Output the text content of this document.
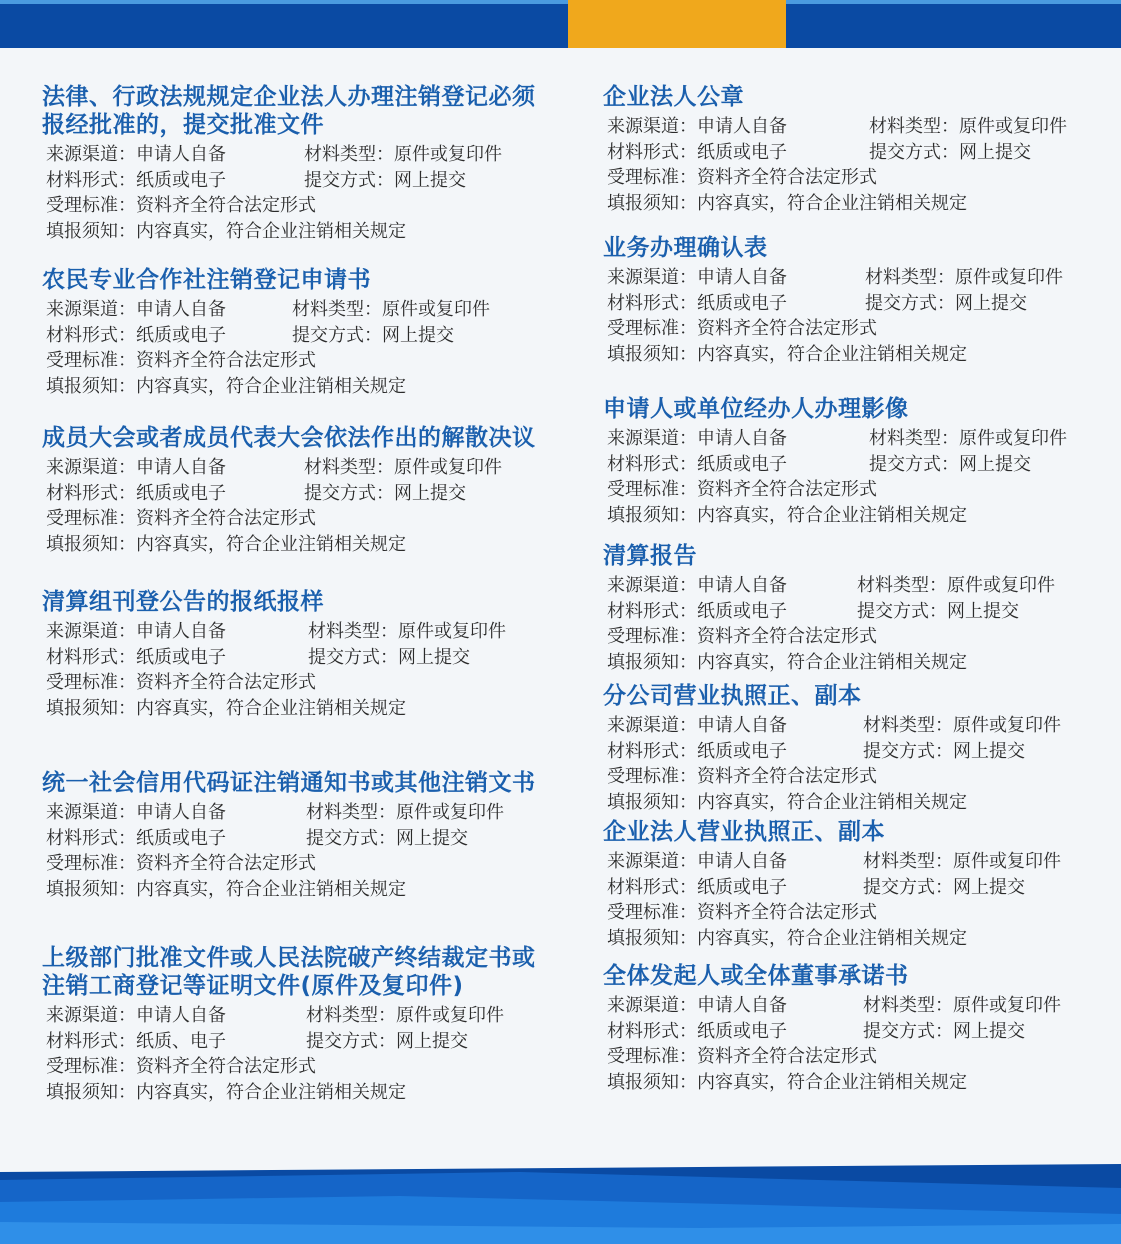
法律、行政法规规定企业法人办理注销登记必须
报经批准的，提交批准文件
来源渠道：申请人自备	材料类型：原件或复印件
材料形式：纸质或电子	提交方式：网上提交
受理标准：资料齐全符合法定形式
填报须知：内容真实，符合企业注销相关规定
农民专业合作社注销登记申请书
来源渠道：申请人自备	材料类型：原件或复印件
材料形式：纸质或电子	提交方式：网上提交
受理标准：资料齐全符合法定形式
填报须知：内容真实，符合企业注销相关规定
成员大会或者成员代表大会依法作出的解散决议
来源渠道：申请人自备	材料类型：原件或复印件
材料形式：纸质或电子	提交方式：网上提交
受理标准：资料齐全符合法定形式
填报须知：内容真实，符合企业注销相关规定
清算组刊登公告的报纸报样
来源渠道：申请人自备	材料类型：原件或复印件
材料形式：纸质或电子	提交方式：网上提交
受理标准：资料齐全符合法定形式
填报须知：内容真实，符合企业注销相关规定
统一社会信用代码证注销通知书或其他注销文书
来源渠道：申请人自备	材料类型：原件或复印件
材料形式：纸质或电子	提交方式：网上提交
受理标准：资料齐全符合法定形式
填报须知：内容真实，符合企业注销相关规定
上级部门批准文件或人民法院破产终结裁定书或
注销工商登记等证明文件(原件及复印件)
来源渠道：申请人自备	材料类型：原件或复印件
材料形式：纸质、电子	提交方式：网上提交
受理标准：资料齐全符合法定形式
填报须知：内容真实，符合企业注销相关规定
企业法人公章
来源渠道：申请人自备	材料类型：原件或复印件
材料形式：纸质或电子	提交方式：网上提交
受理标准：资料齐全符合法定形式
填报须知：内容真实，符合企业注销相关规定
业务办理确认表
来源渠道：申请人自备	材料类型：原件或复印件
材料形式：纸质或电子	提交方式：网上提交
受理标准：资料齐全符合法定形式
填报须知：内容真实，符合企业注销相关规定
申请人或单位经办人办理影像
来源渠道：申请人自备	材料类型：原件或复印件
材料形式：纸质或电子	提交方式：网上提交
受理标准：资料齐全符合法定形式
填报须知：内容真实，符合企业注销相关规定
清算报告
来源渠道：申请人自备	材料类型：原件或复印件
材料形式：纸质或电子	提交方式：网上提交
受理标准：资料齐全符合法定形式
填报须知：内容真实，符合企业注销相关规定
分公司营业执照正、副本
来源渠道：申请人自备	材料类型：原件或复印件
材料形式：纸质或电子	提交方式：网上提交
受理标准：资料齐全符合法定形式
填报须知：内容真实，符合企业注销相关规定
企业法人营业执照正、副本
来源渠道：申请人自备	材料类型：原件或复印件
材料形式：纸质或电子	提交方式：网上提交
受理标准：资料齐全符合法定形式
填报须知：内容真实，符合企业注销相关规定
全体发起人或全体董事承诺书
来源渠道：申请人自备	材料类型：原件或复印件
材料形式：纸质或电子	提交方式：网上提交
受理标准：资料齐全符合法定形式
填报须知：内容真实，符合企业注销相关规定
